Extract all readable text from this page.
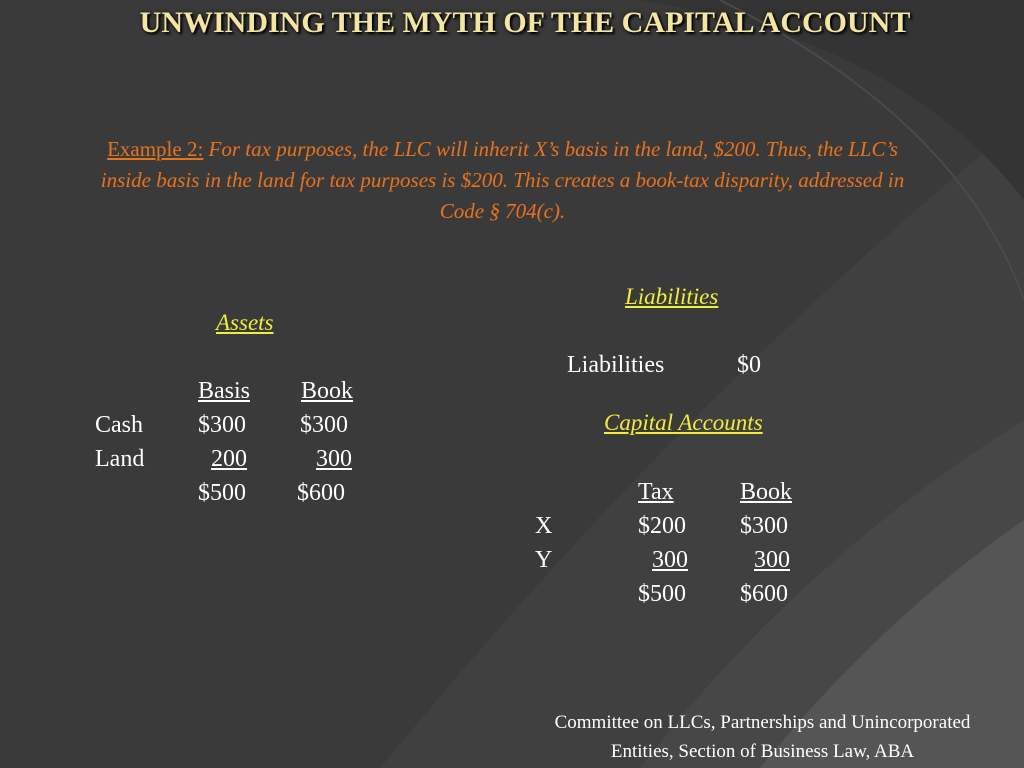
UNWINDING THE MYTH OF THE CAPITAL ACCOUNT
Example 2: For tax purposes, the LLC will inherit X’s basis in the land, $200. Thus, the LLC’s inside basis in the land for tax purposes is $200. This creates a book-tax disparity, addressed in Code § 704(c).
Assets
Basis Book
Cash $300 $300
Land	200	300
$500 $600
Liabilities
Liabilities	$0
Capital Accounts
Tax	Book
X	$200 $300
Y	300	300
$500 $600
Committee on LLCs, Partnerships and Unincorporated
Entities, Section of Business Law, ABA
